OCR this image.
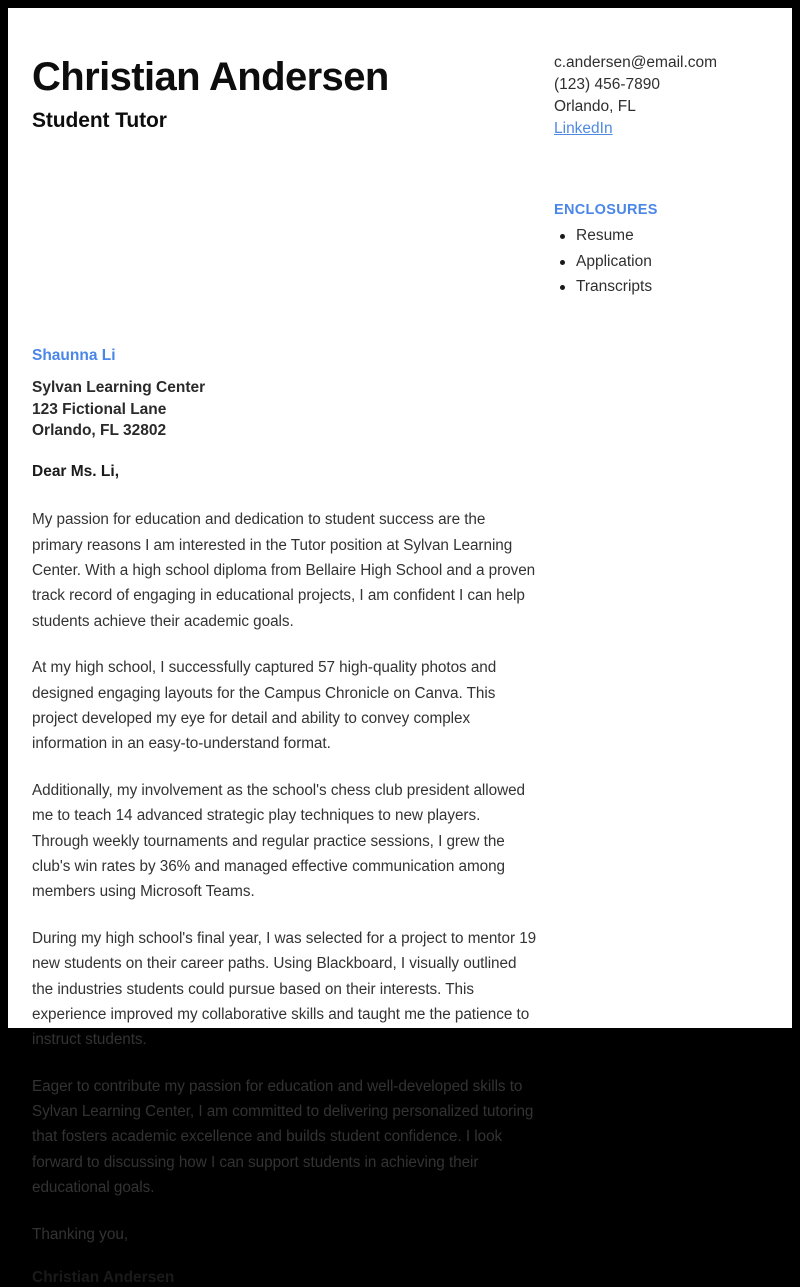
Christian Andersen
Student Tutor
c.andersen@email.com
(123) 456-7890
Orlando, FL
LinkedIn
ENCLOSURES
Resume
Application
Transcripts
Shaunna Li
Sylvan Learning Center
123 Fictional Lane
Orlando, FL 32802
Dear Ms. Li,

My passion for education and dedication to student success are the primary reasons I am interested in the Tutor position at Sylvan Learning Center. With a high school diploma from Bellaire High School and a proven track record of engaging in educational projects, I am confident I can help students achieve their academic goals.

At my high school, I successfully captured 57 high-quality photos and designed engaging layouts for the Campus Chronicle on Canva. This project developed my eye for detail and ability to convey complex information in an easy-to-understand format.

Additionally, my involvement as the school's chess club president allowed me to teach 14 advanced strategic play techniques to new players. Through weekly tournaments and regular practice sessions, I grew the club's win rates by 36% and managed effective communication among members using Microsoft Teams.

During my high school's final year, I was selected for a project to mentor 19 new students on their career paths. Using Blackboard, I visually outlined the industries students could pursue based on their interests. This experience improved my collaborative skills and taught me the patience to instruct students.

Eager to contribute my passion for education and well-developed skills to Sylvan Learning Center, I am committed to delivering personalized tutoring that fosters academic excellence and builds student confidence. I look forward to discussing how I can support students in achieving their educational goals.

Thanking you,
Christian Andersen
